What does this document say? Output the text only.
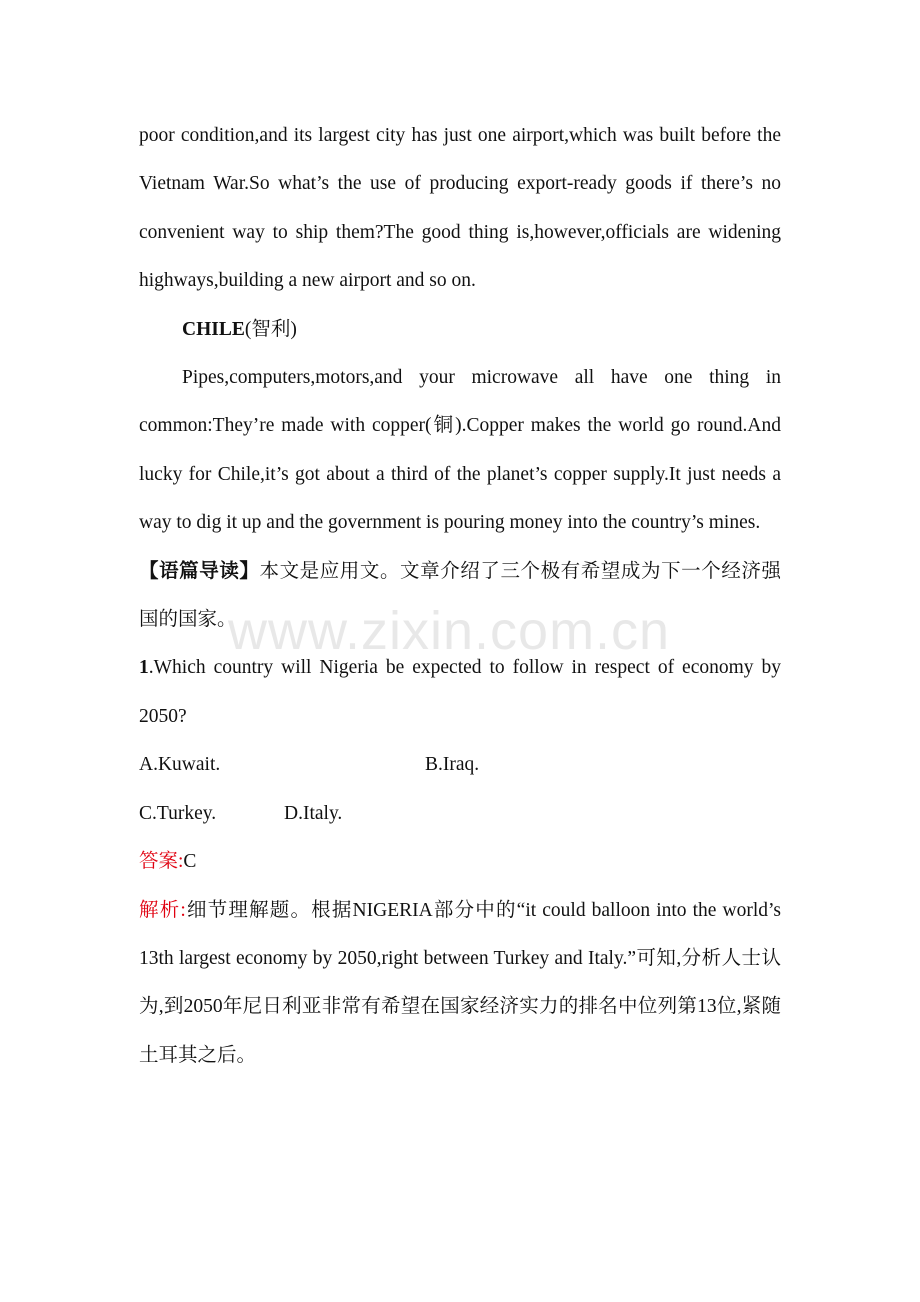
poor condition,and its largest city has just one airport,which was built before the Vietnam War.So what’s the use of producing export-ready goods if there’s no convenient way to ship them?The good thing is,however,officials are widening highways,building a new airport and so on.

CHILE(智利)

Pipes,computers,motors,and your microwave all have one thing in common:They’re made with copper(铜).Copper makes the world go round.And lucky for Chile,it’s got about a third of the planet’s copper supply.It just needs a way to dig it up and the government is pouring money into the country’s mines.

【语篇导读】本文是应用文。文章介绍了三个极有希望成为下一个经济强国的国家。

1.Which country will Nigeria be expected to follow in respect of economy by 2050?

A.Kuwait.	B.Iraq.
C.Turkey.	D.Italy.

答案:C

解析:细节理解题。根据NIGERIA部分中的“it could balloon into the world’s 13th largest economy by 2050,right between Turkey and Italy.”可知,分析人士认为,到2050年尼日利亚非常有希望在国家经济实力的排名中位列第13位,紧随土耳其之后。

www.zixin.com.cn
